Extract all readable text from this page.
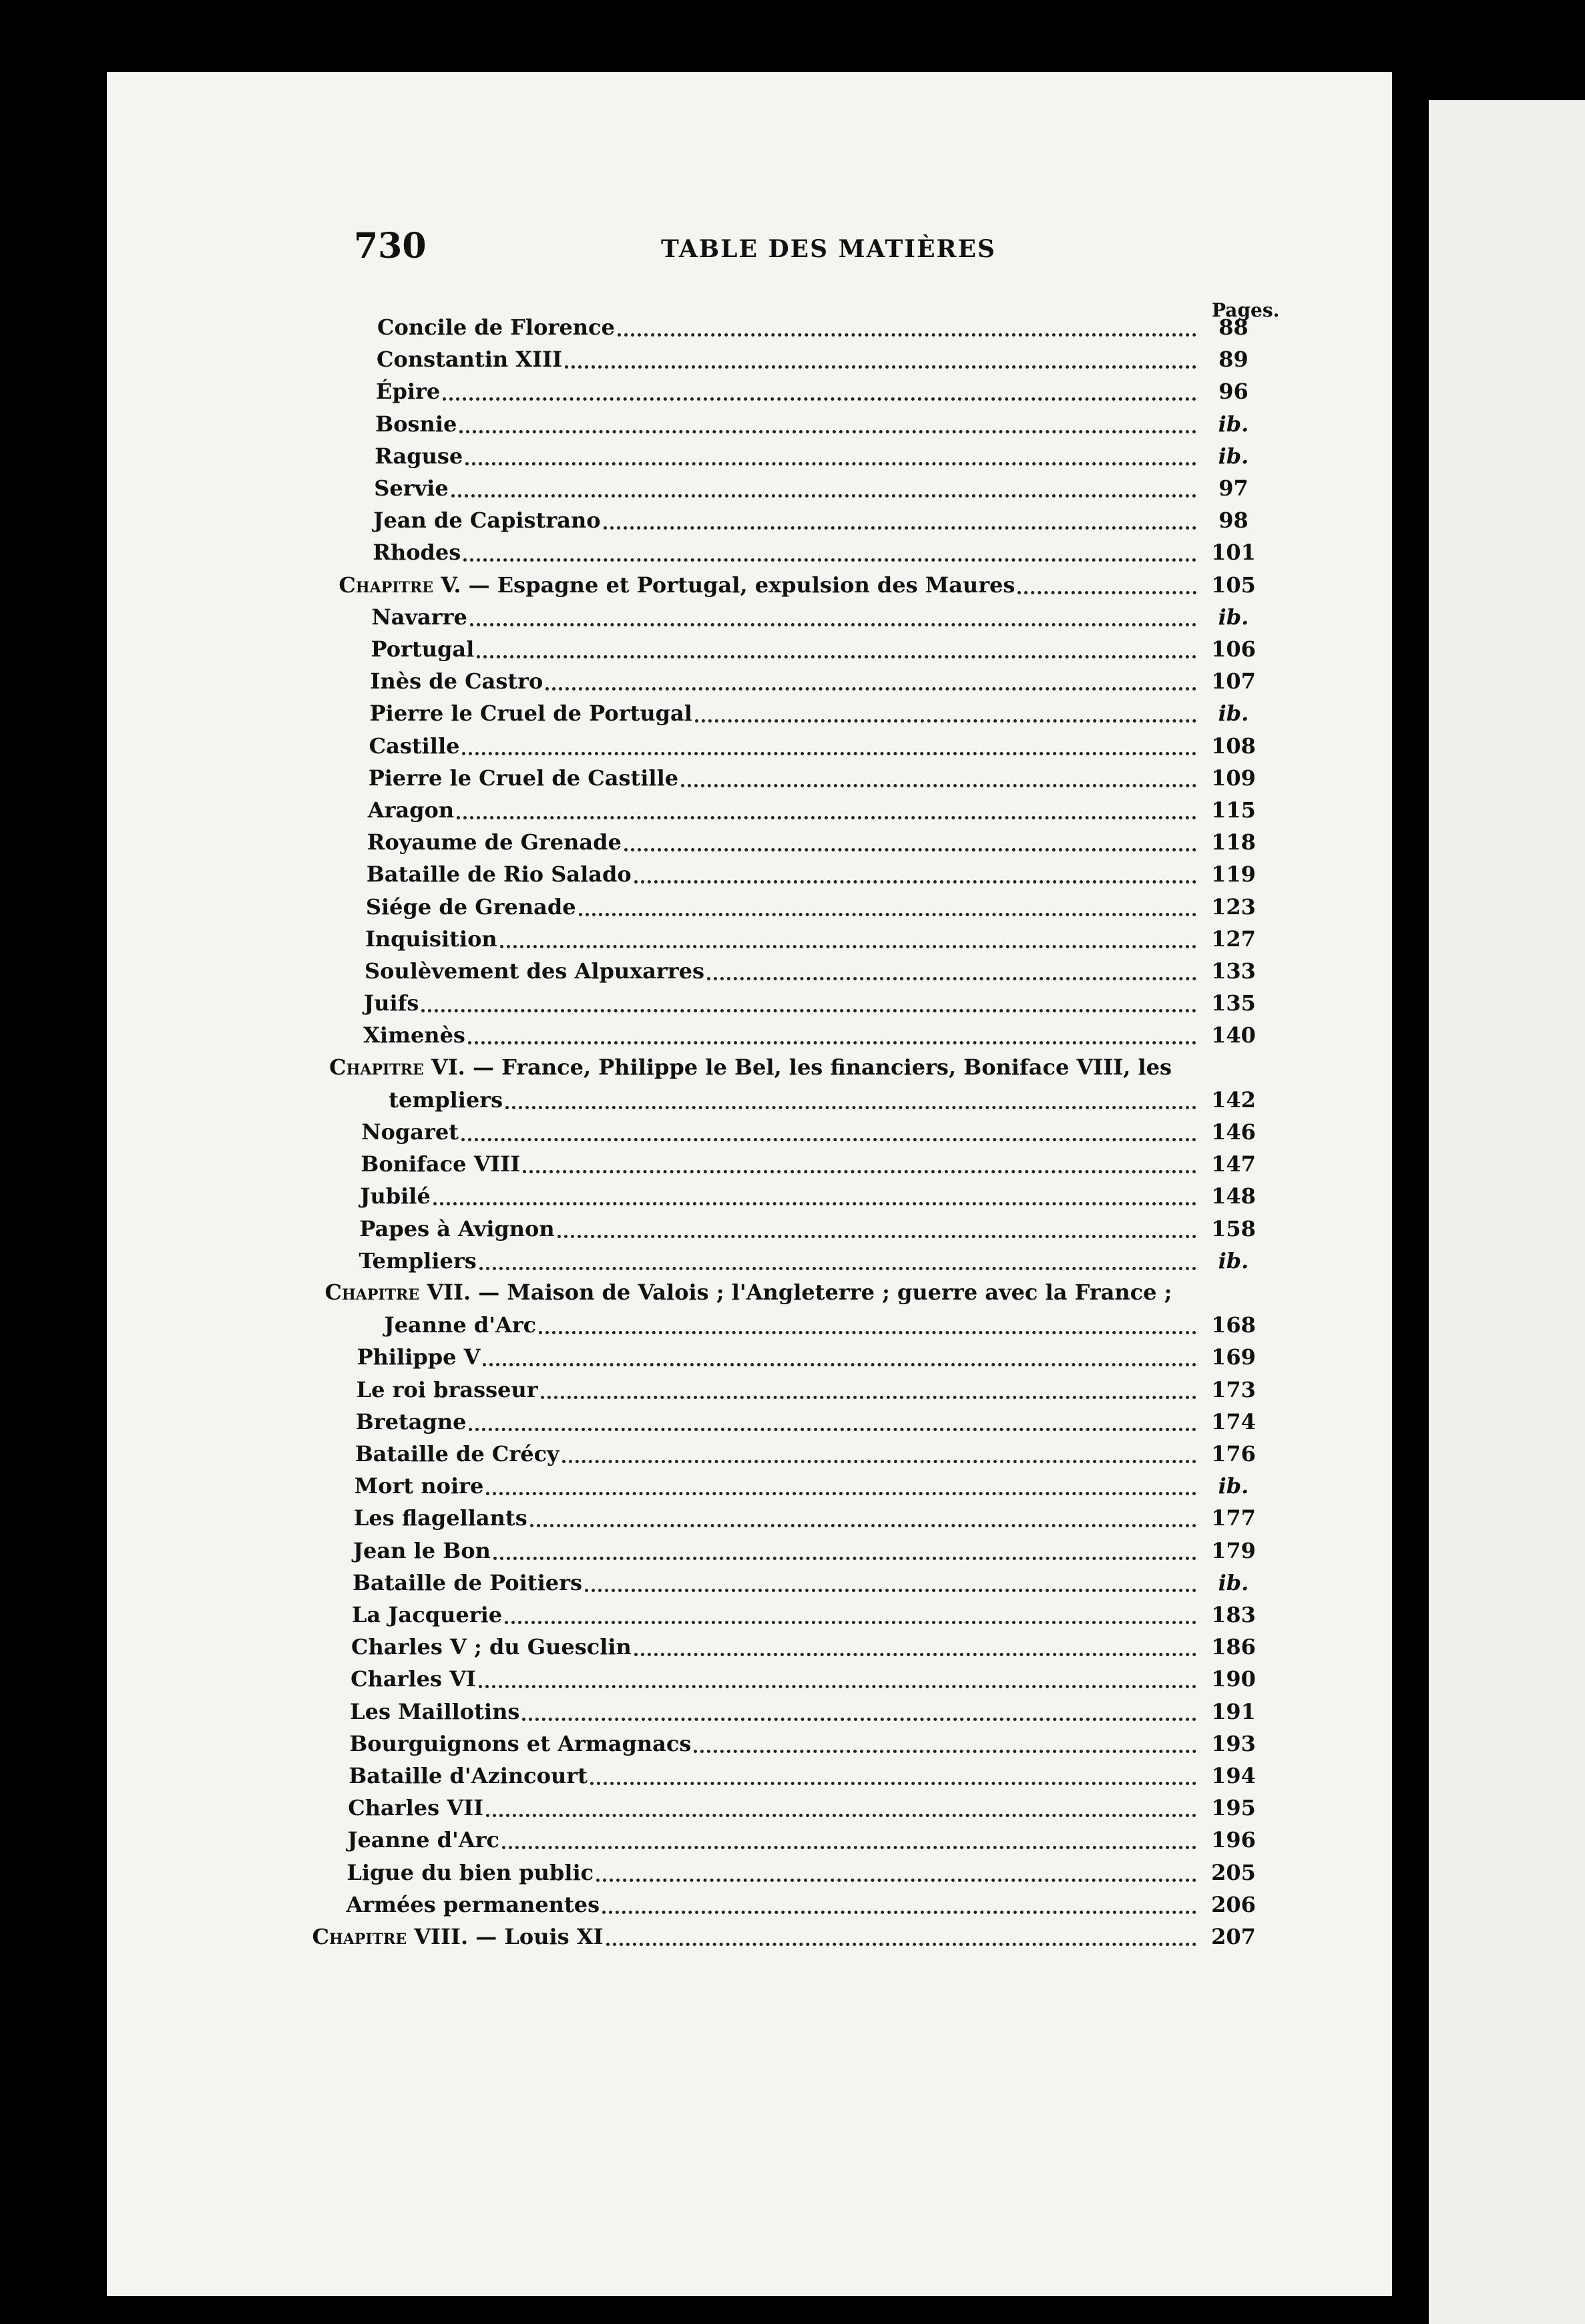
730	TABLE DES MATIÈRES
Pages.
Concile de Florence	88
Constantin XIII	89
Épire	96
Bosnie	ib.
Raguse	ib.
Servie	97
Jean de Capistrano	98
Rhodes	101
Chapitre V. — Espagne et Portugal, expulsion des Maures	105
Navarre	ib.
Portugal	106
Inès de Castro	107
Pierre le Cruel de Portugal	ib.
Castille	108
Pierre le Cruel de Castille	109
Aragon	115
Royaume de Grenade	118
Bataille de Rio Salado	119
Siége de Grenade	123
Inquisition	127
Soulèvement des Alpuxarres	133
Juifs	135
Ximenès	140
Chapitre VI. — France, Philippe le Bel, les financiers, Boniface VIII, les
templiers	142
Nogaret	146
Boniface VIII	147
Jubilé	148
Papes à Avignon	158
Templiers	ib.
Chapitre VII. — Maison de Valois ; l'Angleterre ; guerre avec la France ;
Jeanne d'Arc	168
Philippe V	169
Le roi brasseur	173
Bretagne	174
Bataille de Crécy	176
Mort noire	ib.
Les flagellants	177
Jean le Bon	179
Bataille de Poitiers	ib.
La Jacquerie	183
Charles V ; du Guesclin	186
Charles VI	190
Les Maillotins	191
Bourguignons et Armagnacs	193
Bataille d'Azincourt	194
Charles VII	195
Jeanne d'Arc	196
Ligue du bien public	205
Armées permanentes	206
Chapitre VIII. — Louis XI	207
